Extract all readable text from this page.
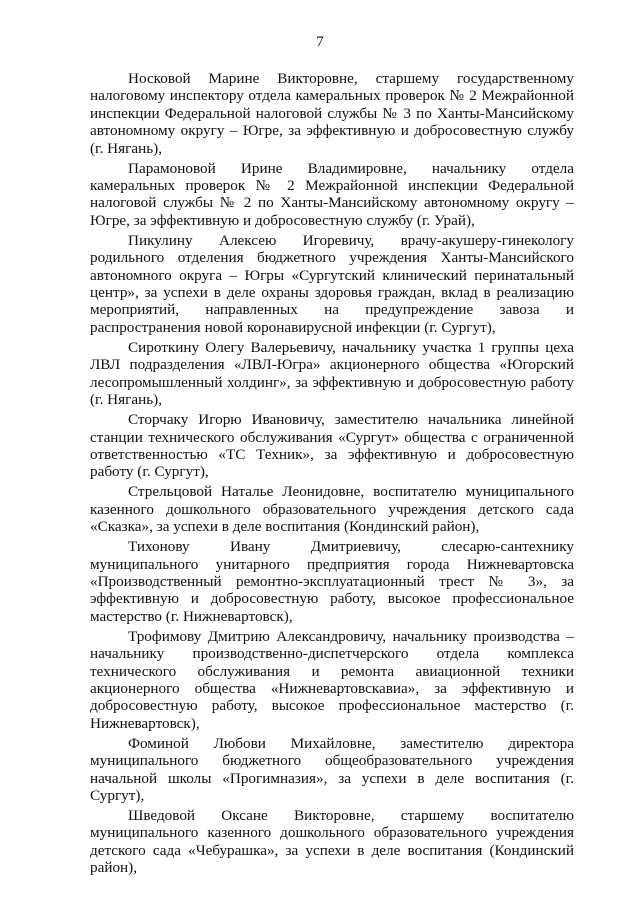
7

Носковой Марине Викторовне, старшему государственному налоговому инспектору отдела камеральных проверок № 2 Межрайонной инспекции Федеральной налоговой службы № 3 по Ханты-Мансийскому автономному округу – Югре, за эффективную и добросовестную службу (г. Нягань),

Парамоновой Ирине Владимировне, начальнику отдела камеральных проверок № 2 Межрайонной инспекции Федеральной налоговой службы № 2 по Ханты-Мансийскому автономному округу – Югре, за эффективную и добросовестную службу (г. Урай),

Пикулину Алексею Игоревичу, врачу-акушеру-гинекологу родильного отделения бюджетного учреждения Ханты-Мансийского автономного округа – Югры «Сургутский клинический перинатальный центр», за успехи в деле охраны здоровья граждан, вклад в реализацию мероприятий, направленных на предупреждение завоза и распространения новой коронавирусной инфекции (г. Сургут),

Сироткину Олегу Валерьевичу, начальнику участка 1 группы цеха ЛВЛ подразделения «ЛВЛ-Югра» акционерного общества «Югорский лесопромышленный холдинг», за эффективную и добросовестную работу (г. Нягань),

Сторчаку Игорю Ивановичу, заместителю начальника линейной станции технического обслуживания «Сургут» общества с ограниченной ответственностью «ТС Техник», за эффективную и добросовестную работу (г. Сургут),

Стрельцовой Наталье Леонидовне, воспитателю муниципального казенного дошкольного образовательного учреждения детского сада «Сказка», за успехи в деле воспитания (Кондинский район),

Тихонову Ивану Дмитриевичу, слесарю-сантехнику муниципального унитарного предприятия города Нижневартовска «Производственный ремонтно-эксплуатационный трест № 3», за эффективную и добросовестную работу, высокое профессиональное мастерство (г. Нижневартовск),

Трофимову Дмитрию Александровичу, начальнику производства – начальнику производственно-диспетчерского отдела комплекса технического обслуживания и ремонта авиационной техники акционерного общества «Нижневартовскавиа», за эффективную и добросовестную работу, высокое профессиональное мастерство (г. Нижневартовск),

Фоминой Любови Михайловне, заместителю директора муниципального бюджетного общеобразовательного учреждения начальной школы «Прогимназия», за успехи в деле воспитания (г. Сургут),

Шведовой Оксане Викторовне, старшему воспитателю муниципального казенного дошкольного образовательного учреждения детского сада «Чебурашка», за успехи в деле воспитания (Кондинский район),
